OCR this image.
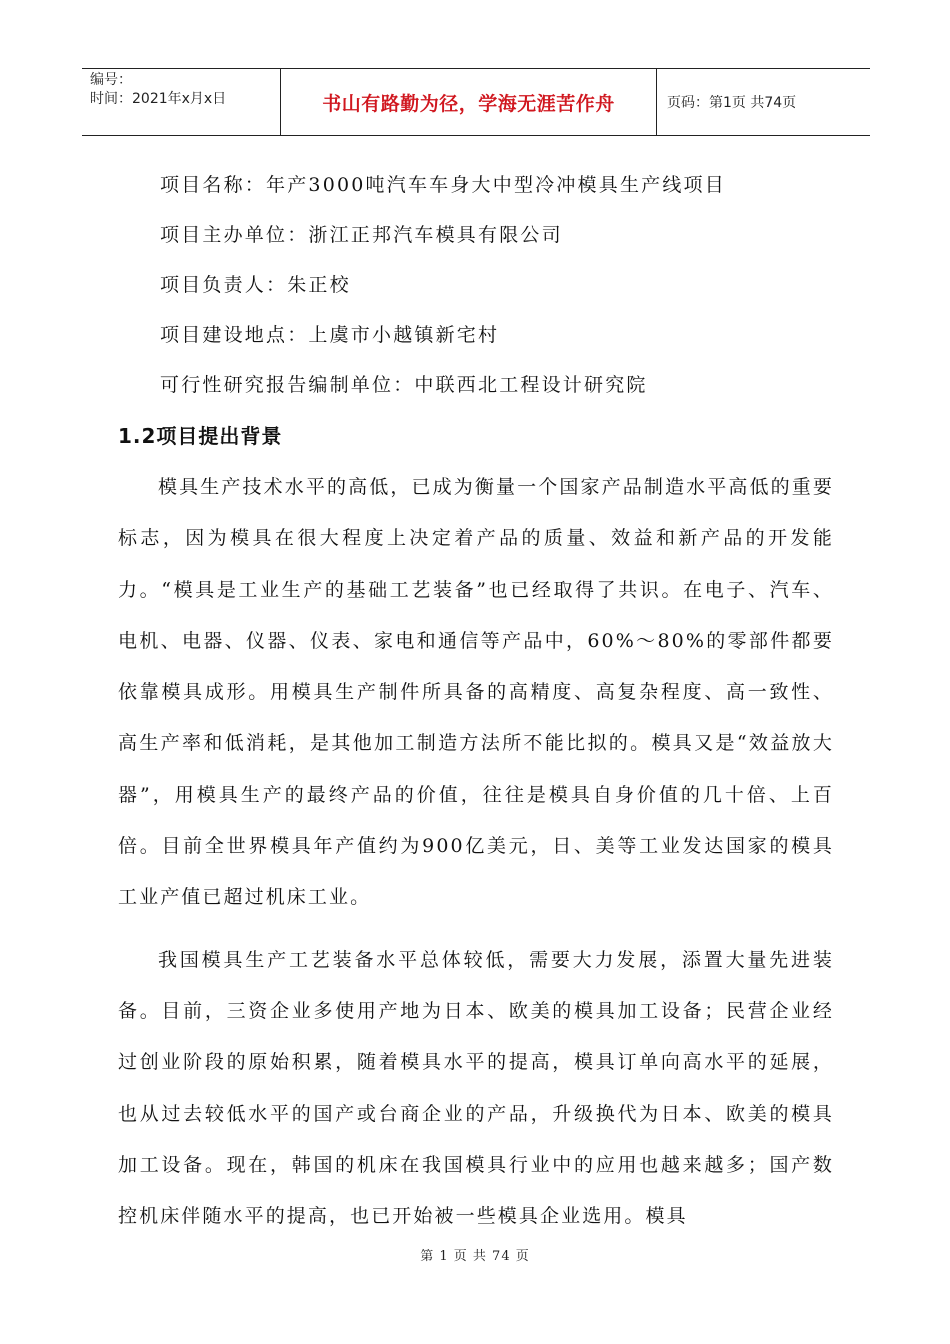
编号：
时间：2021年x月x日	书山有路勤为径，学海无涯苦作舟	页码：第1页 共74页

项目名称：年产3000吨汽车车身大中型冷冲模具生产线项目

项目主办单位：浙江正邦汽车模具有限公司

项目负责人：朱正校

项目建设地点：上虞市小越镇新宅村

可行性研究报告编制单位：中联西北工程设计研究院

1.2项目提出背景

模具生产技术水平的高低，已成为衡量一个国家产品制造水平高低的重要标志，因为模具在很大程度上决定着产品的质量、效益和新产品的开发能力。“模具是工业生产的基础工艺装备”也已经取得了共识。在电子、汽车、电机、电器、仪器、仪表、家电和通信等产品中，60%～80%的零部件都要依靠模具成形。用模具生产制件所具备的高精度、高复杂程度、高一致性、高生产率和低消耗，是其他加工制造方法所不能比拟的。模具又是“效益放大器”，用模具生产的最终产品的价值，往往是模具自身价值的几十倍、上百倍。目前全世界模具年产值约为900亿美元，日、美等工业发达国家的模具工业产值已超过机床工业。

我国模具生产工艺装备水平总体较低，需要大力发展，添置大量先进装备。目前，三资企业多使用产地为日本、欧美的模具加工设备；民营企业经过创业阶段的原始积累，随着模具水平的提高，模具订单向高水平的延展，也从过去较低水平的国产或台商企业的产品，升级换代为日本、欧美的模具加工设备。现在，韩国的机床在我国模具行业中的应用也越来越多；国产数控机床伴随水平的提高，也已开始被一些模具企业选用。模具

第 1 页 共 74 页
